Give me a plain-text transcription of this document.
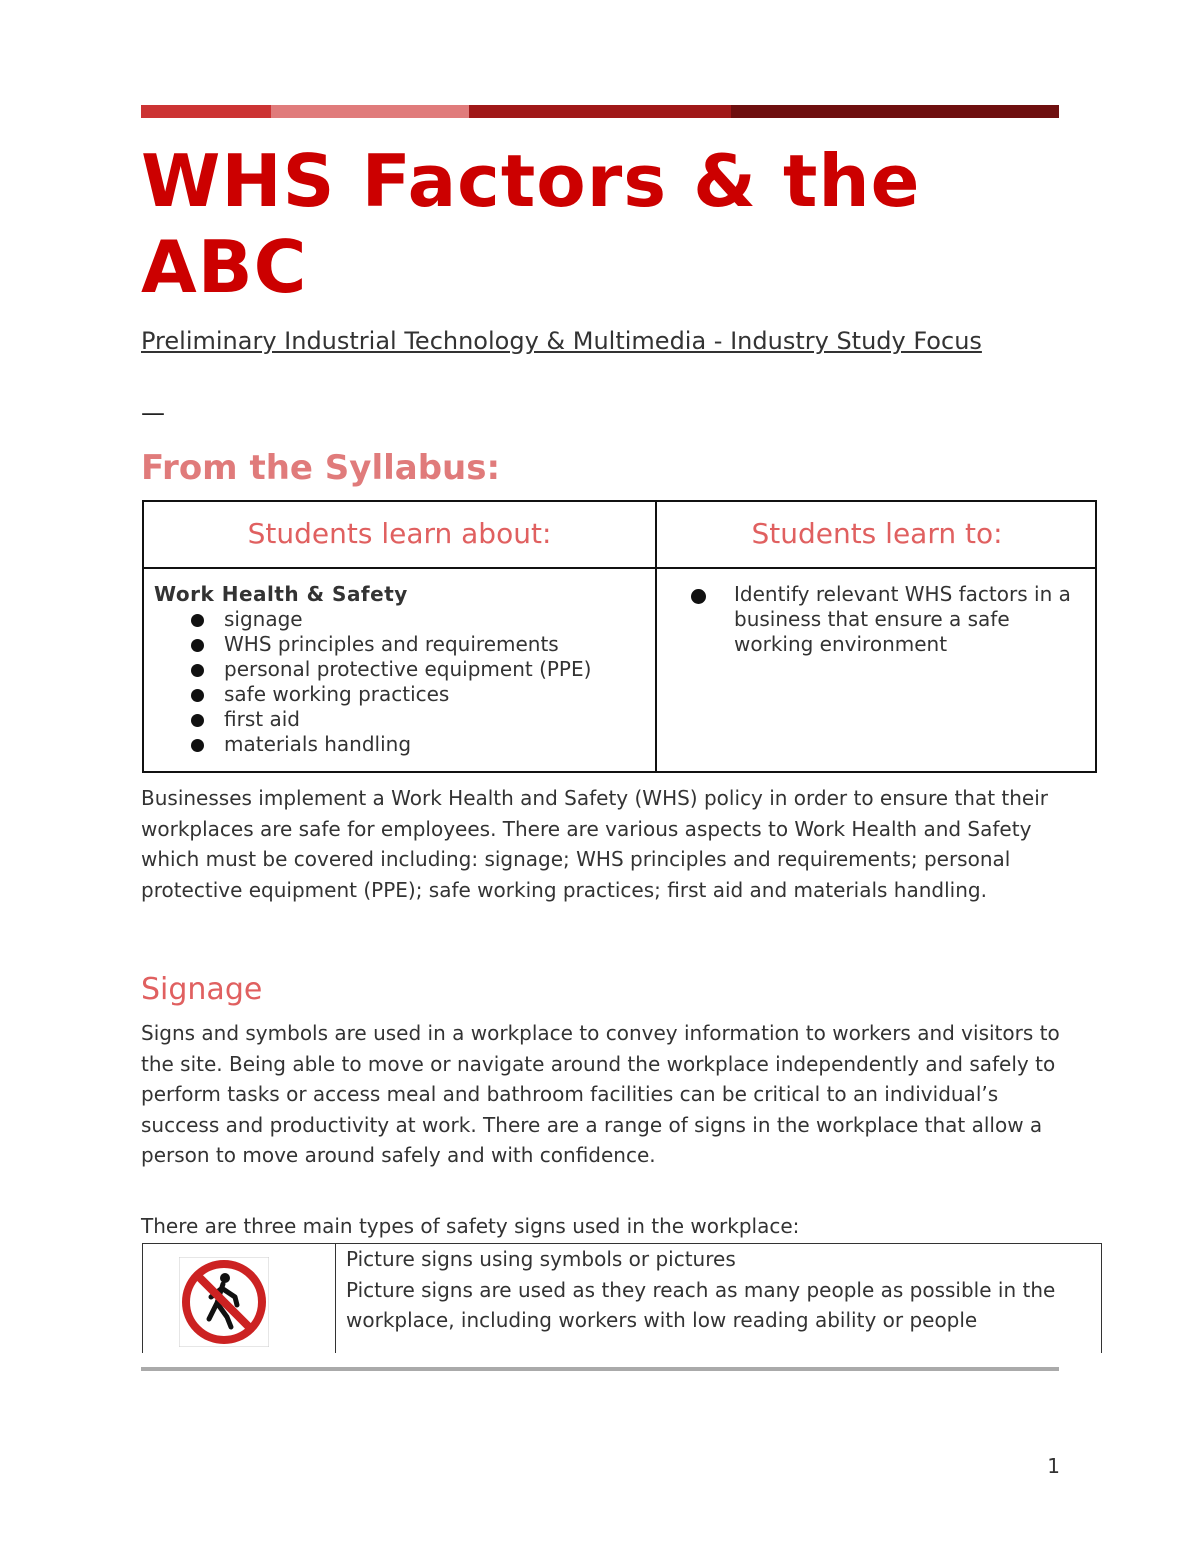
WHS Factors & the ABC

Preliminary Industrial Technology & Multimedia - Industry Study Focus

—
From the Syllabus:
Students learn about:	Students learn to:
Work Health & Safety
signage
WHS principles and requirements
personal protective equipment (PPE)
safe working practices
first aid
materials handling
Identify relevant WHS factors in a business that ensure a safe working environment

Businesses implement a Work Health and Safety (WHS) policy in order to ensure that their workplaces are safe for employees. There are various aspects to Work Health and Safety which must be covered including: signage; WHS principles and requirements; personal protective equipment (PPE); safe working practices; first aid and materials handling.

Signage

Signs and symbols are used in a workplace to convey information to workers and visitors to the site. Being able to move or navigate around the workplace independently and safely to perform tasks or access meal and bathroom facilities can be critical to an individual’s success and productivity at work. There are a range of signs in the workplace that allow a person to move around safely and with confidence.

There are three main types of safety signs used in the workplace:

Picture signs using symbols or pictures

Picture signs are used as they reach as many people as possible in the workplace, including workers with low reading ability or people

1
